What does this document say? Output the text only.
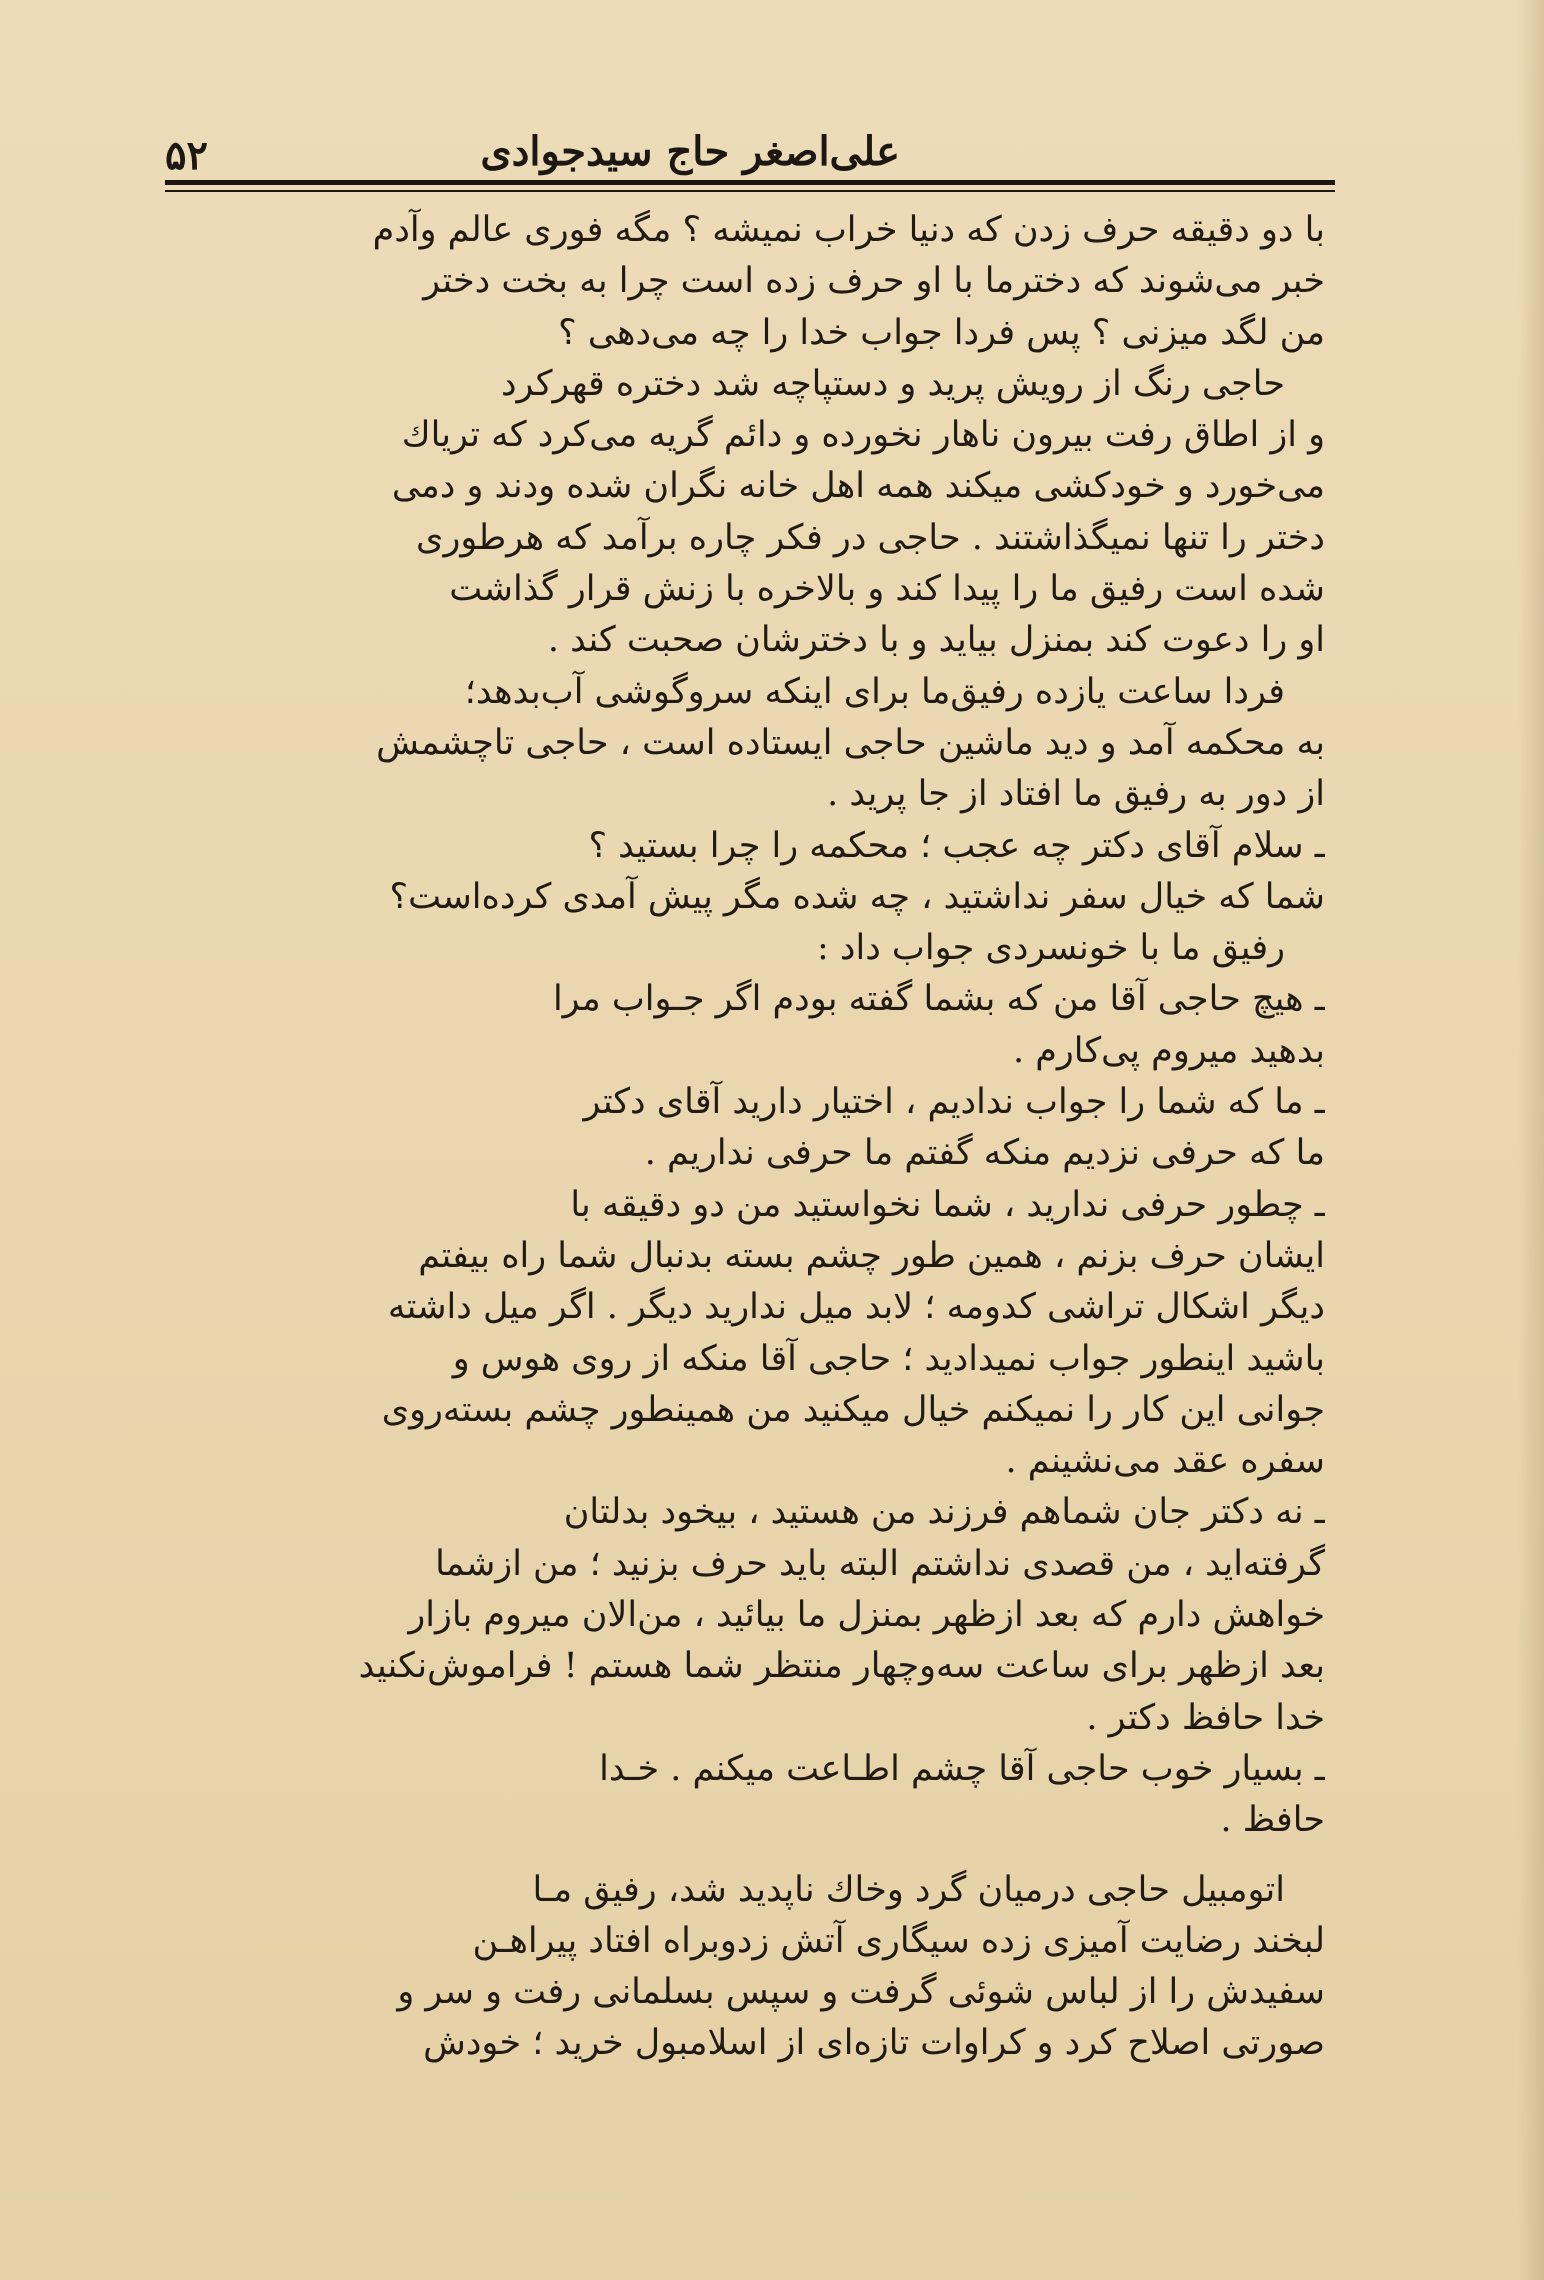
۵۲	علی‌اصغر حاج سیدجوادی
با دو دقیقه حرف زدن که دنیا خراب نمیشه ؟ مگه فوری عالم وآدم
خبر می‌شوند که دخترما با او حرف زده است چرا به بخت دختر
من لگد میزنی ؟ پس فردا جواب خدا را چه می‌دهی ؟
حاجی رنگ از رویش پرید و دستپاچه شد دختره قهرکرد
و از اطاق رفت بیرون ناهار نخورده و دائم گریه می‌کرد که تریاك
می‌خورد و خودکشی میکند همه اهل خانه نگران شده ودند و دمی
دختر را تنها نمیگذاشتند . حاجی در فکر چاره برآمد که هرطوری
شده است رفیق ما را پیدا کند و بالاخره با زنش قرار گذاشت
او را دعوت کند بمنزل بیاید و با دخترشان صحبت کند .
فردا ساعت یازده رفیق‌ما برای اینکه سروگوشی آب‌بدهد؛
به محکمه آمد و دید ماشین حاجی ایستاده است ، حاجی تاچشمش
از دور به رفیق ما افتاد از جا پرید .
ـ سلام آقای دکتر چه عجب ؛ محکمه را چرا بستید ؟
شما که خیال سفر نداشتید ، چه شده مگر پیش آمدی کرده‌است؟
رفیق ما با خونسردی جواب داد :
ـ هیچ حاجی آقا من که بشما گفته بودم اگر جـواب مرا
بدهید میروم پی‌کارم .
ـ ما که شما را جواب ندادیم ، اختیار دارید آقای دکتر
ما که حرفی نزدیم منکه گفتم ما حرفی نداریم .
ـ چطور حرفی ندارید ، شما نخواستید من دو دقیقه با
ایشان حرف بزنم ، همین طور چشم بسته بدنبال شما راه بیفتم
دیگر اشکال تراشی کدومه ؛ لابد میل ندارید دیگر . اگر میل داشته
باشید اینطور جواب نمیدادید ؛ حاجی آقا منکه از روی هوس و
جوانی این کار را نمیکنم خیال میکنید من همینطور چشم بسته‌روی
سفره عقد می‌نشینم .
ـ نه دکتر جان شماهم فرزند من هستید ، بیخود بدلتان
گرفته‌اید ، من قصدی نداشتم البته باید حرف بزنید ؛ من ازشما
خواهش دارم که بعد ازظهر بمنزل ما بیائید ، من‌الان میروم بازار
بعد ازظهر برای ساعت سه‌وچهار منتظر شما هستم ! فراموش‌نکنید
خدا حافظ دکتر .
ـ بسیار خوب حاجی آقا چشم اطـاعت میکنم . خـدا
حافظ .
اتومبیل حاجی درمیان گرد وخاك ناپدید شد، رفیق مـا
لبخند رضایت آمیزی زده سیگاری آتش زدوبراه افتاد پیراهـن
سفیدش را از لباس شوئی گرفت و سپس بسلمانی رفت و سر و
صورتی اصلاح کرد و کراوات تازه‌ای از اسلامبول خرید ؛ خودش
